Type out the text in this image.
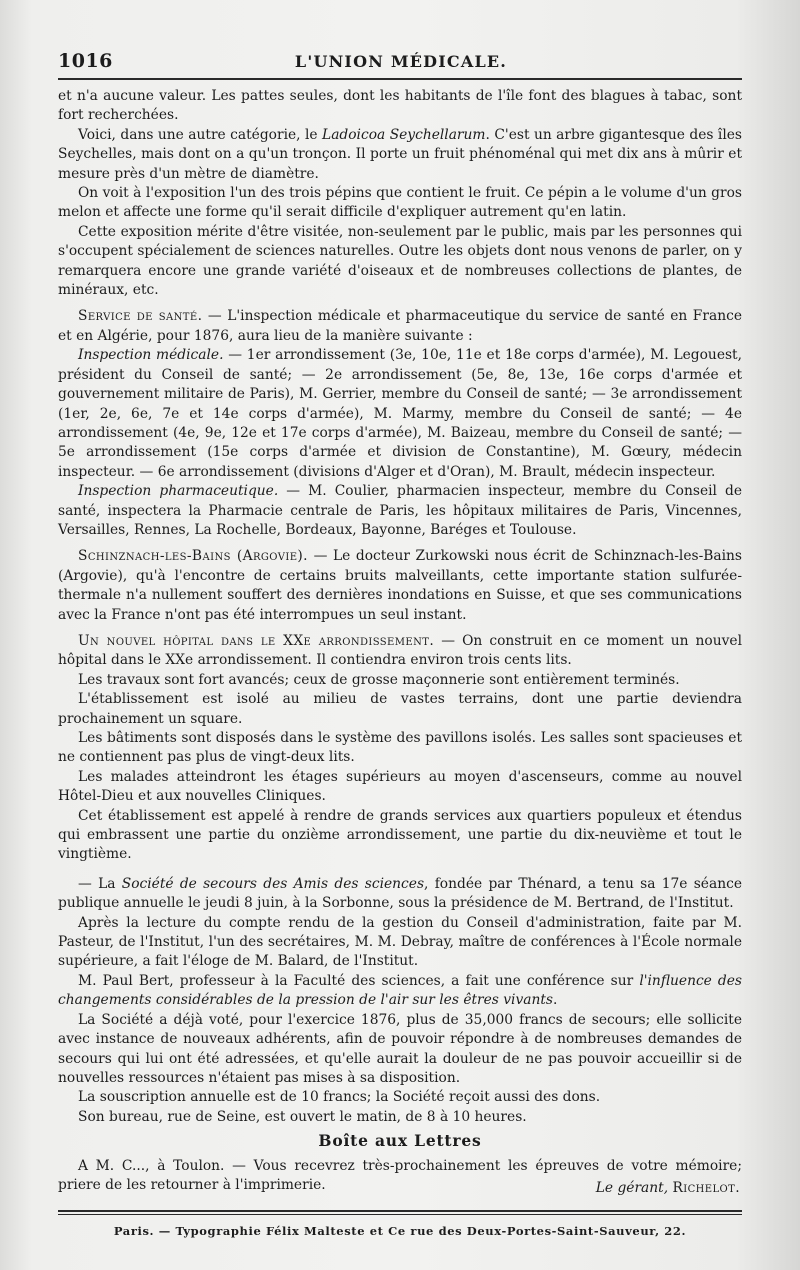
1016	L'UNION MÉDICALE.

et n'a aucune valeur. Les pattes seules, dont les habitants de l'île font des blagues à tabac, sont fort recherchées.

Voici, dans une autre catégorie, le Ladoicoa Seychellarum. C'est un arbre gigantesque des îles Seychelles, mais dont on a qu'un tronçon. Il porte un fruit phénoménal qui met dix ans à mûrir et mesure près d'un mètre de diamètre.

On voit à l'exposition l'un des trois pépins que contient le fruit. Ce pépin a le volume d'un gros melon et affecte une forme qu'il serait difficile d'expliquer autrement qu'en latin.

Cette exposition mérite d'être visitée, non-seulement par le public, mais par les personnes qui s'occupent spécialement de sciences naturelles. Outre les objets dont nous venons de parler, on y remarquera encore une grande variété d'oiseaux et de nombreuses collections de plantes, de minéraux, etc.

Service de santé. — L'inspection médicale et pharmaceutique du service de santé en France et en Algérie, pour 1876, aura lieu de la manière suivante :

Inspection médicale. — 1er arrondissement (3e, 10e, 11e et 18e corps d'armée), M. Legouest, président du Conseil de santé; — 2e arrondissement (5e, 8e, 13e, 16e corps d'armée et gouvernement militaire de Paris), M. Gerrier, membre du Conseil de santé; — 3e arrondissement (1er, 2e, 6e, 7e et 14e corps d'armée), M. Marmy, membre du Conseil de santé; — 4e arrondissement (4e, 9e, 12e et 17e corps d'armée), M. Baizeau, membre du Conseil de santé; — 5e arrondissement (15e corps d'armée et division de Constantine), M. Gœury, médecin inspecteur. — 6e arrondissement (divisions d'Alger et d'Oran), M. Brault, médecin inspecteur.

Inspection pharmaceutique. — M. Coulier, pharmacien inspecteur, membre du Conseil de santé, inspectera la Pharmacie centrale de Paris, les hôpitaux militaires de Paris, Vincennes, Versailles, Rennes, La Rochelle, Bordeaux, Bayonne, Baréges et Toulouse.

Schinznach-les-Bains (Argovie). — Le docteur Zurkowski nous écrit de Schinznach-les-Bains (Argovie), qu'à l'encontre de certains bruits malveillants, cette importante station sulfurée-thermale n'a nullement souffert des dernières inondations en Suisse, et que ses communications avec la France n'ont pas été interrompues un seul instant.

Un nouvel hôpital dans le XXe arrondissement. — On construit en ce moment un nouvel hôpital dans le XXe arrondissement. Il contiendra environ trois cents lits.

Les travaux sont fort avancés; ceux de grosse maçonnerie sont entièrement terminés.

L'établissement est isolé au milieu de vastes terrains, dont une partie deviendra prochainement un square.

Les bâtiments sont disposés dans le système des pavillons isolés. Les salles sont spacieuses et ne contiennent pas plus de vingt-deux lits.

Les malades atteindront les étages supérieurs au moyen d'ascenseurs, comme au nouvel Hôtel-Dieu et aux nouvelles Cliniques.

Cet établissement est appelé à rendre de grands services aux quartiers populeux et étendus qui embrassent une partie du onzième arrondissement, une partie du dix-neuvième et tout le vingtième.

— La Société de secours des Amis des sciences, fondée par Thénard, a tenu sa 17e séance publique annuelle le jeudi 8 juin, à la Sorbonne, sous la présidence de M. Bertrand, de l'Institut.

Après la lecture du compte rendu de la gestion du Conseil d'administration, faite par M. Pasteur, de l'Institut, l'un des secrétaires, M. M. Debray, maître de conférences à l'École normale supérieure, a fait l'éloge de M. Balard, de l'Institut.

M. Paul Bert, professeur à la Faculté des sciences, a fait une conférence sur l'influence des changements considérables de la pression de l'air sur les êtres vivants.

La Société a déjà voté, pour l'exercice 1876, plus de 35,000 francs de secours; elle sollicite avec instance de nouveaux adhérents, afin de pouvoir répondre à de nombreuses demandes de secours qui lui ont été adressées, et qu'elle aurait la douleur de ne pas pouvoir accueillir si de nouvelles ressources n'étaient pas mises à sa disposition.

La souscription annuelle est de 10 francs; la Société reçoit aussi des dons.

Son bureau, rue de Seine, est ouvert le matin, de 8 à 10 heures.

Boîte aux Lettres

A M. C..., à Toulon. — Vous recevrez très-prochainement les épreuves de votre mémoire; priere de les retourner à l'imprimerie.	Le gérant, Richelot.
Paris. — Typographie Félix Malteste et Ce rue des Deux-Portes-Saint-Sauveur, 22.
